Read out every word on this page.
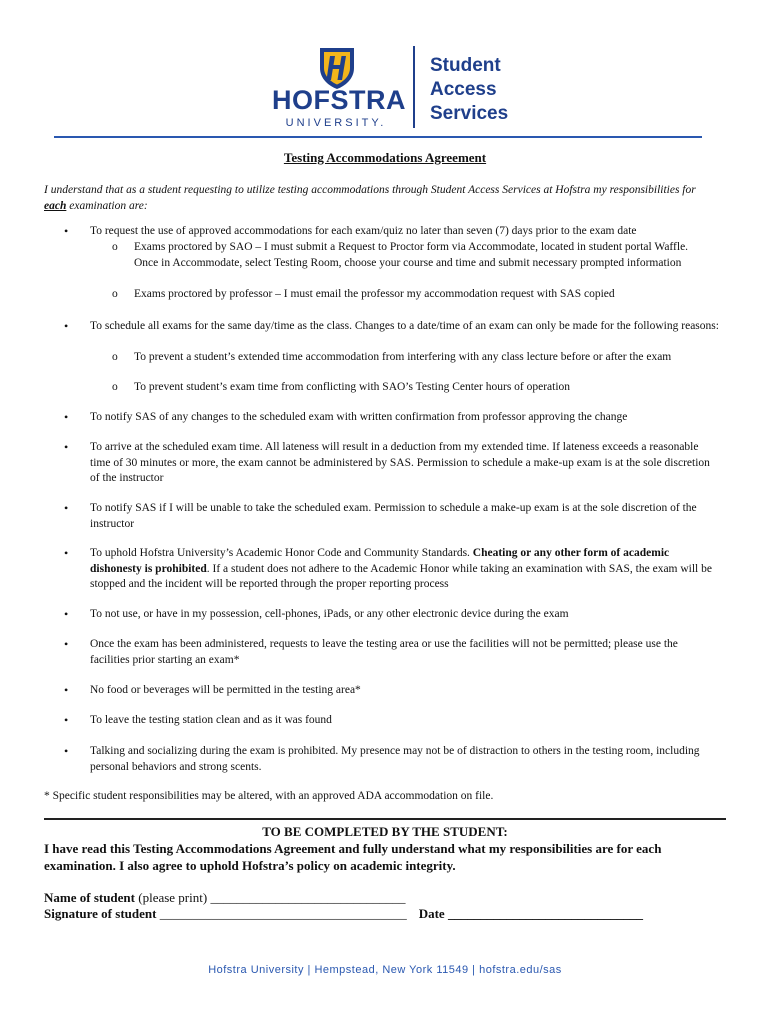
HOFSTRA
UNIVERSITY.
Student
Access
Services
Testing Accommodations Agreement
I understand that as a student requesting to utilize testing accommodations through Student Access Services at Hofstra my responsibilities for each examination are:
• To request the use of approved accommodations for each exam/quiz no later than seven (7) days prior to the exam date
o Exams proctored by SAO – I must submit a Request to Proctor form via Accommodate, located in student portal Waffle. Once in Accommodate, select Testing Room, choose your course and time and submit necessary prompted information
o Exams proctored by professor – I must email the professor my accommodation request with SAS copied
• To schedule all exams for the same day/time as the class. Changes to a date/time of an exam can only be made for the following reasons:
o To prevent a student’s extended time accommodation from interfering with any class lecture before or after the exam
o To prevent student’s exam time from conflicting with SAO’s Testing Center hours of operation
• To notify SAS of any changes to the scheduled exam with written confirmation from professor approving the change
• To arrive at the scheduled exam time. All lateness will result in a deduction from my extended time. If lateness exceeds a reasonable time of 30 minutes or more, the exam cannot be administered by SAS. Permission to schedule a make-up exam is at the sole discretion of the instructor
• To notify SAS if I will be unable to take the scheduled exam. Permission to schedule a make-up exam is at the sole discretion of the instructor
• To uphold Hofstra University’s Academic Honor Code and Community Standards. Cheating or any other form of academic dishonesty is prohibited. If a student does not adhere to the Academic Honor while taking an examination with SAS, the exam will be stopped and the incident will be reported through the proper reporting process
• To not use, or have in my possession, cell-phones, iPads, or any other electronic device during the exam
• Once the exam has been administered, requests to leave the testing area or use the facilities will not be permitted; please use the facilities prior starting an exam*
• No food or beverages will be permitted in the testing area*
• To leave the testing station clean and as it was found
• Talking and socializing during the exam is prohibited. My presence may not be of distraction to others in the testing room, including personal behaviors and strong scents.
* Specific student responsibilities may be altered, with an approved ADA accommodation on file.
TO BE COMPLETED BY THE STUDENT:
I have read this Testing Accommodations Agreement and fully understand what my responsibilities are for each examination. I also agree to uphold Hofstra’s policy on academic integrity.
Name of student (please print) ______________________________
Signature of student ______________________________________ Date ______________________________
Hofstra University | Hempstead, New York 11549 | hofstra.edu/sas
